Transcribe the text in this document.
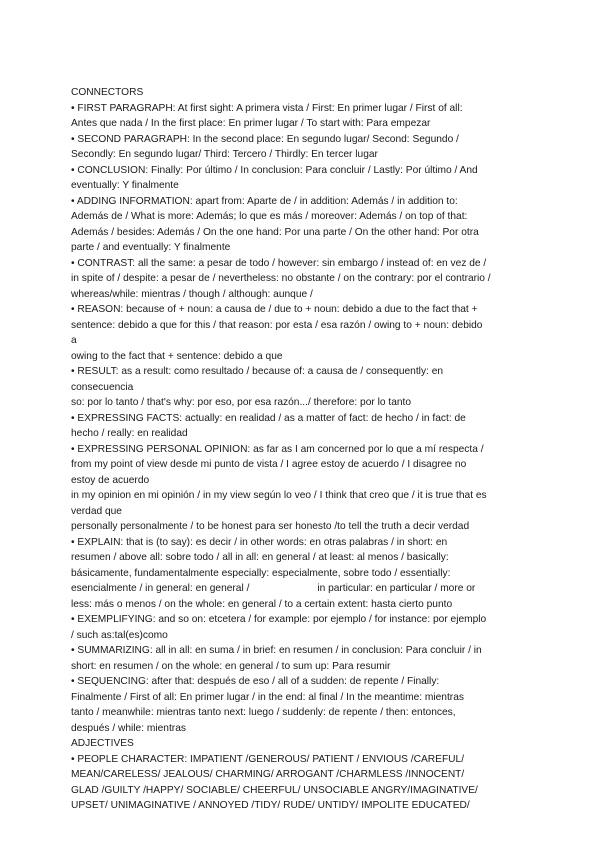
CONNECTORS
• FIRST PARAGRAPH: At first sight: A primera vista / First: En primer lugar / First of all:
Antes que nada / In the first place: En primer lugar / To start with: Para empezar
• SECOND PARAGRAPH: In the second place: En segundo lugar/ Second: Segundo /
Secondly: En segundo lugar/ Third: Tercero / Thirdly: En tercer lugar
• CONCLUSION: Finally: Por último / In conclusion: Para concluir / Lastly: Por último / And
eventually: Y finalmente
• ADDING INFORMATION: apart from: Aparte de / in addition: Además / in addition to:
Además de / What is more: Además; lo que es más / moreover: Además / on top of that:
Además / besides: Además / On the one hand: Por una parte / On the other hand: Por otra
parte / and eventually: Y finalmente
• CONTRAST: all the same: a pesar de todo / however: sin embargo / instead of: en vez de /
in spite of / despite: a pesar de / nevertheless: no obstante / on the contrary: por el contrario /
whereas/while: mientras / though / although: aunque /
• REASON: because of + noun: a causa de / due to + noun: debido a due to the fact that +
sentence: debido a que for this / that reason: por esta / esa razón / owing to + noun: debido
a
owing to the fact that + sentence: debido a que
• RESULT: as a result: como resultado / because of: a causa de / consequently: en
consecuencia
so: por lo tanto / that's why: por eso, por esa razón.../ therefore: por lo tanto
• EXPRESSING FACTS: actually: en realidad / as a matter of fact: de hecho / in fact: de
hecho / really: en realidad
• EXPRESSING PERSONAL OPINION: as far as I am concerned por lo que a mí respecta /
from my point of view desde mi punto de vista / I agree estoy de acuerdo / I disagree no
estoy de acuerdo
in my opinion en mi opinión / in my view según lo veo / I think that creo que / it is true that es
verdad que
personally personalmente / to be honest para ser honesto /to tell the truth a decir verdad
• EXPLAIN: that is (to say): es decir / in other words: en otras palabras / in short: en
resumen / above all: sobre todo / all in all: en general / at least: al menos / basically:
básicamente, fundamentalmente especially: especialmente, sobre todo / essentially:
esencialmente / in general: en general /                        in particular: en particular / more or
less: más o menos / on the whole: en general / to a certain extent: hasta cierto punto
• EXEMPLIFYING: and so on: etcetera / for example: por ejemplo / for instance: por ejemplo
/ such as:tal(es)como
• SUMMARIZING: all in all: en suma / in brief: en resumen / in conclusion: Para concluir / in
short: en resumen / on the whole: en general / to sum up: Para resumir
• SEQUENCING: after that: después de eso / all of a sudden: de repente / Finally:
Finalmente / First of all: En primer lugar / in the end: al final / In the meantime: mientras
tanto / meanwhile: mientras tanto next: luego / suddenly: de repente / then: entonces,
después / while: mientras
ADJECTIVES
• PEOPLE CHARACTER: IMPATIENT /GENEROUS/ PATIENT / ENVIOUS /CAREFUL/
MEAN/CARELESS/ JEALOUS/ CHARMING/ ARROGANT /CHARMLESS /INNOCENT/
GLAD /GUILTY /HAPPY/ SOCIABLE/ CHEERFUL/ UNSOCIABLE ANGRY/IMAGINATIVE/
UPSET/ UNIMAGINATIVE / ANNOYED /TIDY/ RUDE/ UNTIDY/ IMPOLITE EDUCATED/
